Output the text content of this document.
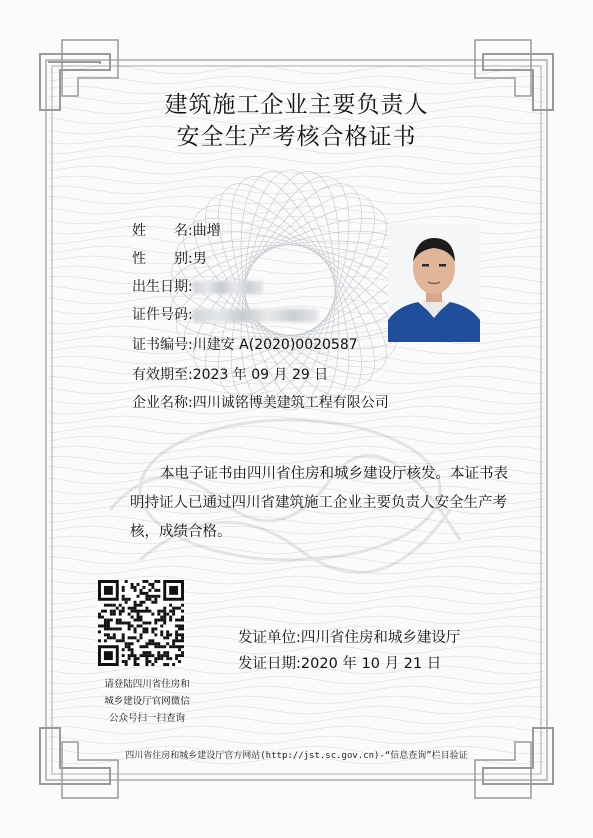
建筑施工企业主要负责人
安全生产考核合格证书
姓　　名:曲增
性　　别:男
出生日期:
证件号码:
证书编号:川建安 A(2020)0020587
有效期至:2023 年 09 月 29 日
企业名称:四川诚铭博美建筑工程有限公司
本电子证书由四川省住房和城乡建设厅核发。本证书表明持证人已通过四川省建筑施工企业主要负责人安全生产考核，成绩合格。
请登陆四川省住房和
城乡建设厅官网微信
公众号扫一扫查询
发证单位:四川省住房和城乡建设厅
发证日期:2020 年 10 月 21 日
四川省住房和城乡建设厅官方网站(http://jst.sc.gov.cn)-“信息查询”栏目验证
